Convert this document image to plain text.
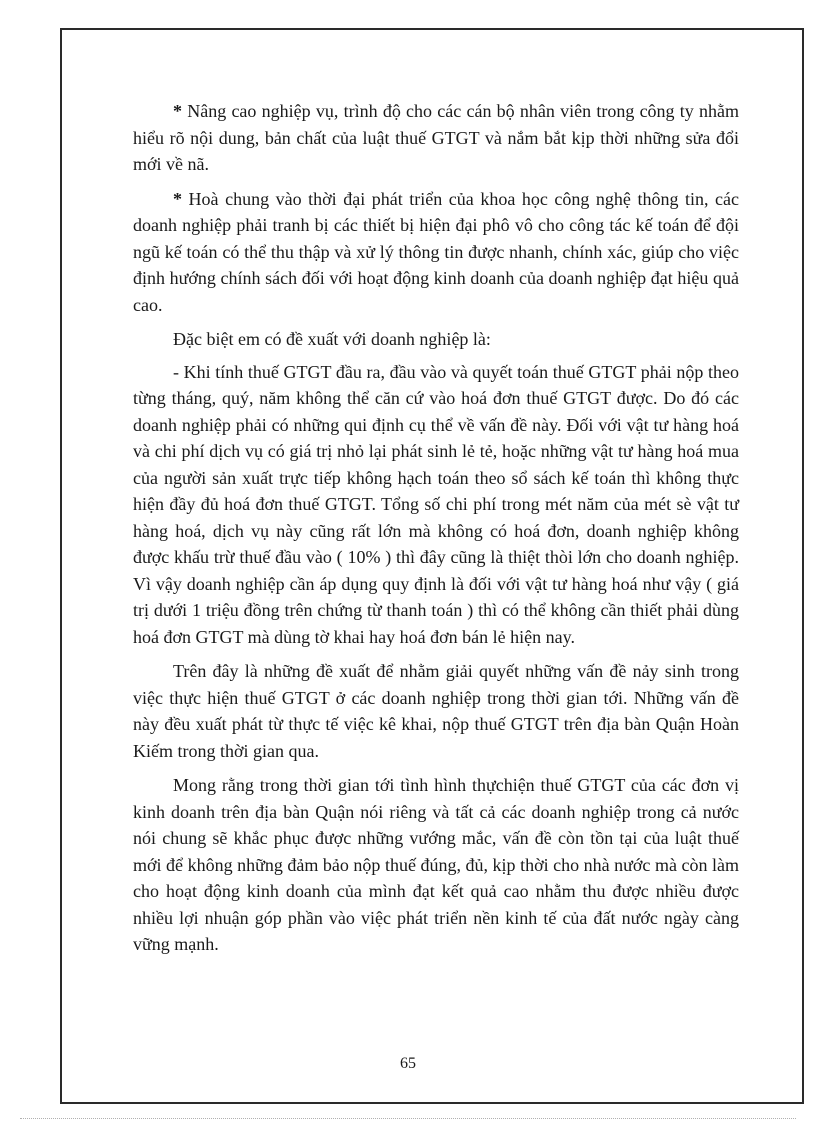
* Nâng cao nghiệp vụ, trình độ cho các cán bộ nhân viên trong công ty nhằm hiểu rõ nội dung, bản chất của luật thuế GTGT và nắm bắt kịp thời những sửa đổi mới về nã.

* Hoà chung vào thời đại phát triển của khoa học công nghệ thông tin, các doanh nghiệp phải tranh bị các thiết bị hiện đại phô vô cho công tác kế toán để đội ngũ kế toán có thể thu thập và xử lý thông tin được nhanh, chính xác, giúp cho việc định hướng chính sách đối với hoạt động kinh doanh của doanh nghiệp đạt hiệu quả cao.

Đặc biệt em có đề xuất với doanh nghiệp là:

- Khi tính thuế GTGT đầu ra, đầu vào và quyết toán thuế GTGT phải nộp theo từng tháng, quý, năm không thể căn cứ vào hoá đơn thuế GTGT được. Do đó các doanh nghiệp phải có những qui định cụ thể về vấn đề này. Đối với vật tư hàng hoá và chi phí dịch vụ có giá trị nhỏ lại phát sinh lẻ tẻ, hoặc những vật tư hàng hoá mua của người sản xuất trực tiếp không hạch toán theo sổ sách kế toán thì không thực hiện đầy đủ hoá đơn thuế GTGT. Tổng số chi phí trong mét năm của mét sè vật tư hàng hoá, dịch vụ này cũng rất lớn mà không có hoá đơn, doanh nghiệp không được khấu trừ thuế đầu vào ( 10% ) thì đây cũng là thiệt thòi lớn cho doanh nghiệp. Vì vậy doanh nghiệp cần áp dụng quy định là đối với vật tư hàng hoá như vậy ( giá trị dưới 1 triệu đồng trên chứng từ thanh toán ) thì có thể không cần thiết phải dùng hoá đơn GTGT mà dùng tờ khai hay hoá đơn bán lẻ hiện nay.

Trên đây là những đề xuất để nhằm giải quyết những vấn đề nảy sinh trong việc thực hiện thuế GTGT ở các doanh nghiệp trong thời gian tới. Những vấn đề này đều xuất phát từ thực tế việc kê khai, nộp thuế GTGT trên địa bàn Quận Hoàn Kiếm trong thời gian qua.

Mong rằng trong thời gian tới tình hình thựchiện thuế GTGT của các đơn vị kinh doanh trên địa bàn Quận nói riêng và tất cả các doanh nghiệp trong cả nước nói chung sẽ khắc phục được những vướng mắc, vấn đề còn tồn tại của luật thuế mới để không những đảm bảo nộp thuế đúng, đủ, kịp thời cho nhà nước mà còn làm cho hoạt động kinh doanh của mình đạt kết quả cao nhằm thu được nhiều được nhiều lợi nhuận góp phần vào việc phát triển nền kinh tế của đất nước ngày càng vững mạnh.

65
